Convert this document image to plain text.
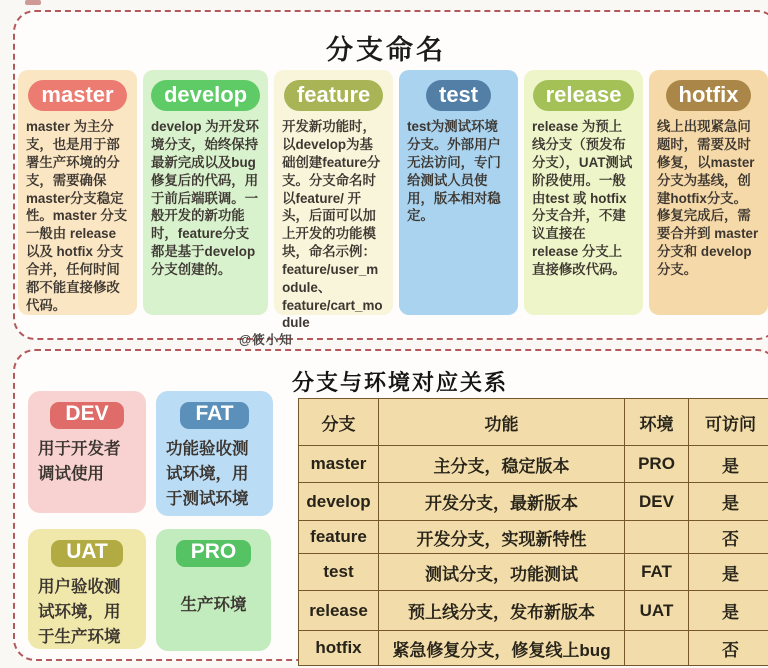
分支命名
master
master 为主分支，也是用于部署生产环境的分支，需要确保master分支稳定性。master 分支一般由 release 以及 hotfix 分支合并，任何时间都不能直接修改代码。
develop
develop 为开发环境分支，始终保持最新完成以及bug修复后的代码，用于前后端联调。一般开发的新功能时，feature分支都是基于develop分支创建的。
feature
开发新功能时，以develop为基础创建feature分支。分支命名时以feature/ 开头，后面可以加上开发的功能模块，命名示例：feature/user_module、feature/cart_module
test
test为测试环境分支。外部用户无法访问，专门给测试人员使用，版本相对稳定。
release
release 为预上线分支（预发布分支），UAT测试阶段使用。一般由test 或 hotfix 分支合并，不建议直接在 release 分支上直接修改代码。
hotfix
线上出现紧急问题时，需要及时修复，以master分支为基线，创建hotfix分支。修复完成后，需要合并到 master 分支和 develop 分支。
@筱小知
分支与环境对应关系
DEV
用于开发者调试使用
FAT
功能验收测试环境，用于测试环境
UAT
用户验收测试环境，用于生产环境
PRO
生产环境
分支	功能	环境	可访问
master	主分支，稳定版本	PRO	是
develop	开发分支，最新版本	DEV	是
feature	开发分支，实现新特性		否
test	测试分支，功能测试	FAT	是
release	预上线分支，发布新版本	UAT	是
hotfix	紧急修复分支，修复线上bug		否
